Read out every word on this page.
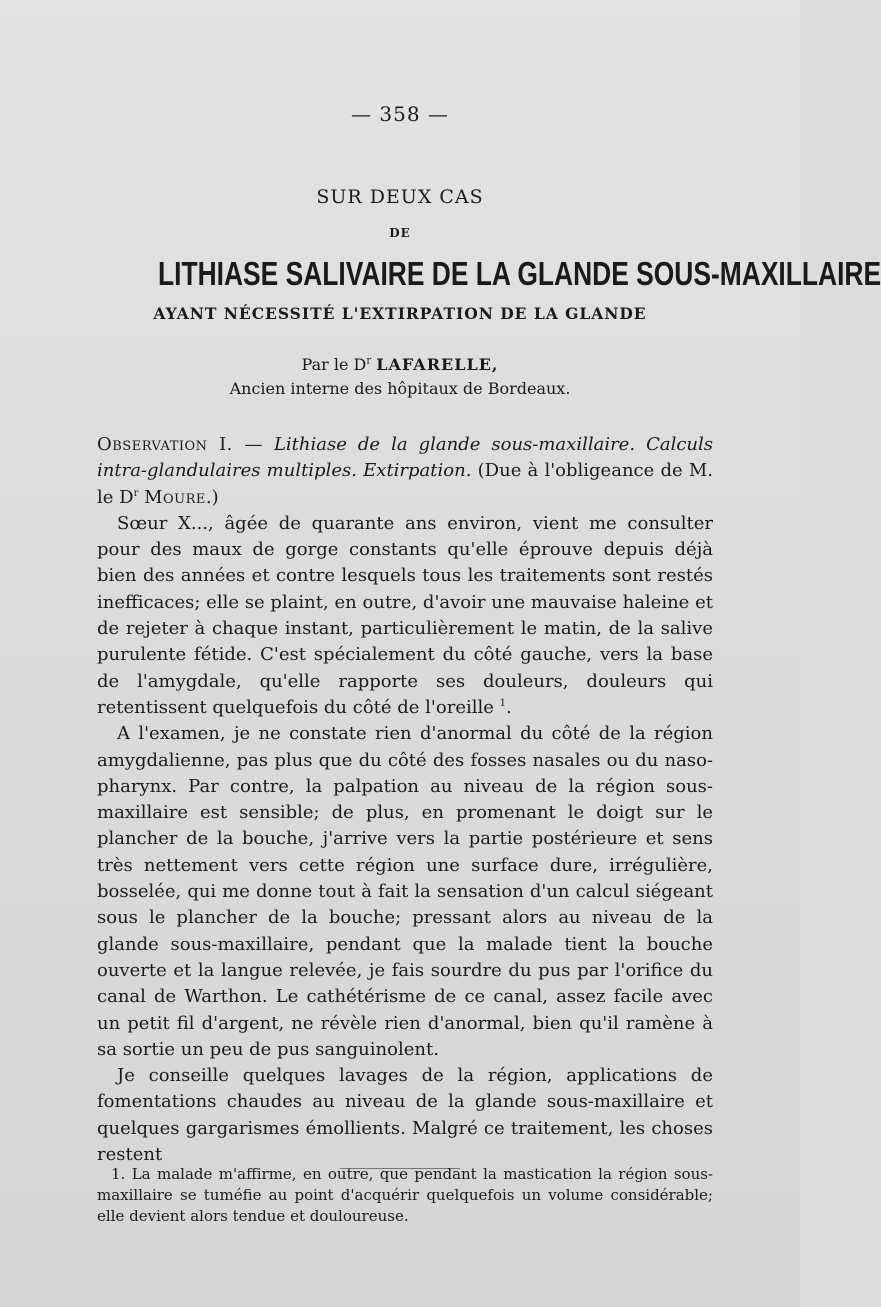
— 358 —
SUR DEUX CAS
DE
LITHIASE SALIVAIRE DE LA GLANDE SOUS-MAXILLAIRE
AYANT NÉCESSITÉ L'EXTIRPATION DE LA GLANDE
Par le $D^r$ LAFARELLE,
Ancien interne des hôpitaux de Bordeaux.

Observation I. — Lithiase de la glande sous-maxillaire. Calculs intra-glandulaires multiples. Extirpation. (Due à l'obligeance de M. le $D^r$ Moure.)

Sœur X..., âgée de quarante ans environ, vient me consulter pour des maux de gorge constants qu'elle éprouve depuis déjà bien des années et contre lesquels tous les traitements sont restés inefficaces; elle se plaint, en outre, d'avoir une mauvaise haleine et de rejeter à chaque instant, particulièrement le matin, de la salive purulente fétide. C'est spécialement du côté gauche, vers la base de l'amygdale, qu'elle rapporte ses douleurs, douleurs qui retentissent quelquefois du côté de l'oreille $^1$.

A l'examen, je ne constate rien d'anormal du côté de la région amygdalienne, pas plus que du côté des fosses nasales ou du naso-pharynx. Par contre, la palpation au niveau de la région sous-maxillaire est sensible; de plus, en promenant le doigt sur le plancher de la bouche, j'arrive vers la partie postérieure et sens très nettement vers cette région une surface dure, irrégulière, bosselée, qui me donne tout à fait la sensation d'un calcul siégeant sous le plancher de la bouche; pressant alors au niveau de la glande sous-maxillaire, pendant que la malade tient la bouche ouverte et la langue relevée, je fais sourdre du pus par l'orifice du canal de Warthon. Le cathétérisme de ce canal, assez facile avec un petit fil d'argent, ne révèle rien d'anormal, bien qu'il ramène à sa sortie un peu de pus sanguinolent.

Je conseille quelques lavages de la région, applications de fomentations chaudes au niveau de la glande sous-maxillaire et quelques gargarismes émollients. Malgré ce traitement, les choses restent

1. La malade m'affirme, en outre, que pendant la mastication la région sous-maxillaire se tuméfie au point d'acquérir quelquefois un volume considérable; elle devient alors tendue et douloureuse.
